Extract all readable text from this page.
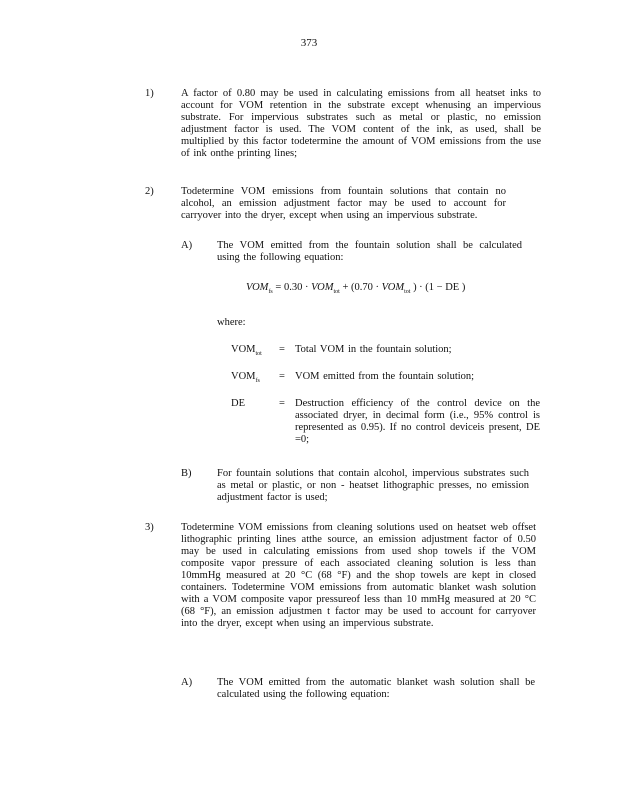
373
1)	A factor of 0.80 may be used in calculating emissions from all heatset inks to account for VOM retention in the substrate except whenusing an impervious substrate. For impervious substrates such as metal or plastic, no emission adjustment factor is used. The VOM content of the ink, as used, shall be multiplied by this factor todetermine the amount of VOM emissions from the use of ink onthe printing lines;
2)	Todetermine VOM emissions from fountain solutions that contain no alcohol, an emission adjustment factor may be used to account for carryover into the dryer, except when using an impervious substrate.
A)	The VOM emitted from the fountain solution shall be calculated using the following equation:
$VOM_{fs} = 0.30 \cdot VOM_{tot} + (0.70 \cdot VOM_{tot}$ ) · (1 − DE )
where:
$VOM_{tot}$	= Total VOM in the fountain solution;
$VOM_{fs}$	= VOM emitted from the fountain solution;
DE	= Destruction efficiency of the control device on the associated dryer, in decimal form (i.e., 95% control is represented as 0.95). If no control deviceis present, DE =0;
B)	For fountain solutions that contain alcohol, impervious substrates such as metal or plastic, or non - heatset lithographic presses, no emission adjustment factor is used;
3)	Todetermine VOM emissions from cleaning solutions used on heatset web offset lithographic printing lines atthe source, an emission adjustment factor of 0.50 may be used in calculating emissions from used shop towels if the VOM composite vapor pressure of each associated cleaning solution is less than 10mmHg measured at 20 °C (68 °F) and the shop towels are kept in closed containers. Todetermine VOM emissions from automatic blanket wash solution with a VOM composite vapor pressureof less than 10 mmHg measured at 20 °C (68 °F), an emission adjustmen t factor may be used to account for carryover into the dryer, except when using an impervious substrate.
A)	The VOM emitted from the automatic blanket wash solution shall be calculated using the following equation:
